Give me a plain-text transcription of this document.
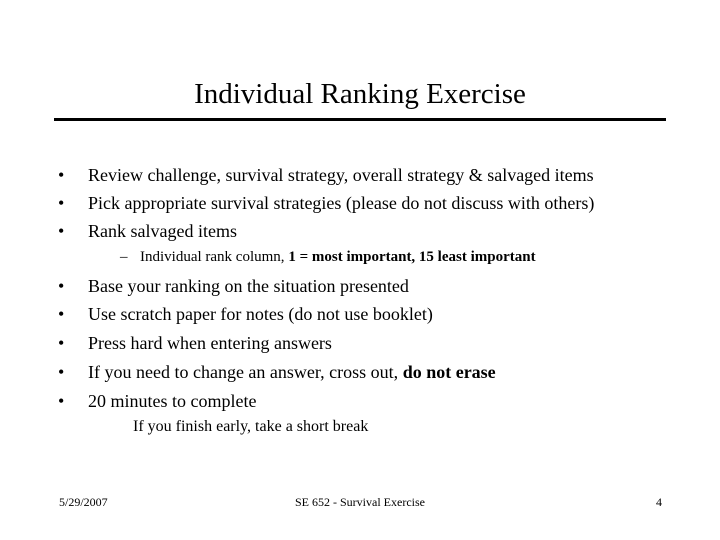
Individual Ranking Exercise
•	Review challenge, survival strategy, overall strategy & salvaged items
•	Pick appropriate survival strategies (please do not discuss with others)
•	Rank salvaged items
– Individual rank column, 1 = most important, 15 least important
•	Base your ranking on the situation presented
•	Use scratch paper for notes (do not use booklet)
•	Press hard when entering answers
•	If you need to change an answer, cross out, do not erase
•	20 minutes to complete
If you finish early, take a short break
5/29/2007	SE 652 - Survival Exercise	4
